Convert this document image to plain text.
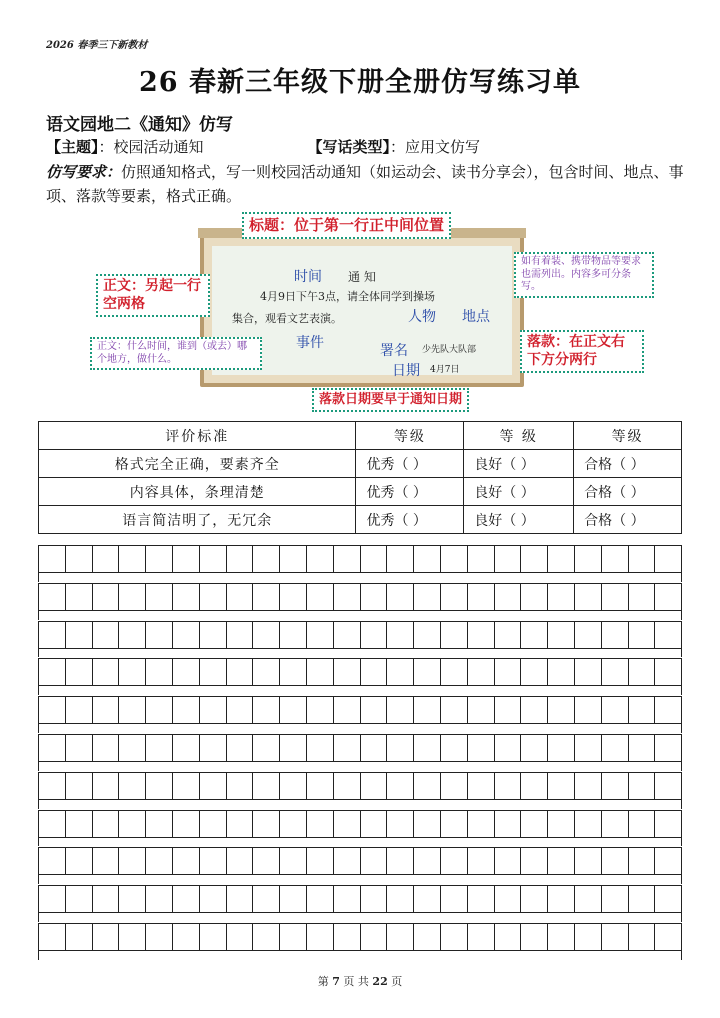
2026 春季三下新教材
26 春新三年级下册全册仿写练习单
语文园地二《通知》仿写
【主题】：校园活动通知	【写话类型】：应用文仿写
仿写要求：仿照通知格式，写一则校园活动通知（如运动会、读书分享会），包含时间、地点、事项、落款等要素，格式正确。
时间 通 知
4月9日下午3点，请全体同学到操场
集合，观看文艺表演。	人物 地点
事件	署名 少先队大队部
日期 4月7日
标题：位于第一行正中间位置
正文：另起一行空两格
正文：什么时间，谁到（或去）哪个地方，做什么。
如有着装、携带物品等要求也需列出。内容多可分条写。
落款：在正文右下方分两行
落款日期要早于通知日期
评价标准	等级	等 级	等级
格式完全正确，要素齐全	优秀（ ）	良好（ ）	合格（ ）
内容具体，条理清楚	优秀（ ）	良好（ ）	合格（ ）
语言简洁明了，无冗余	优秀（ ）	良好（ ）	合格（ ）
第 7 页 共 22 页
